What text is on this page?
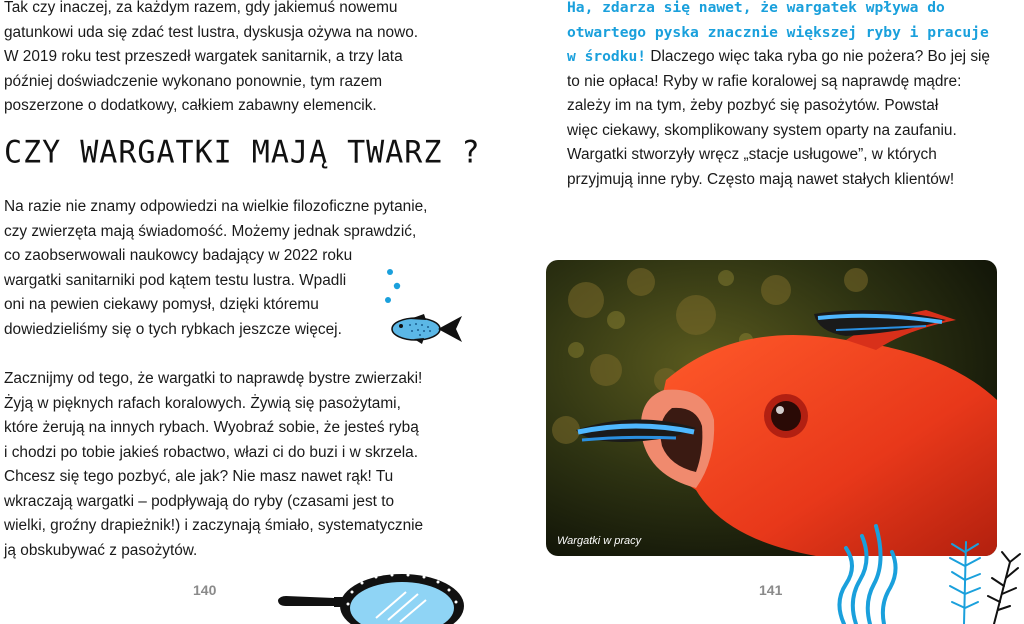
Tak czy inaczej, za każdym razem, gdy jakiemuś nowemu
gatunkowi uda się zdać test lustra, dyskusja ożywa na nowo.
W 2019 roku test przeszedł wargatek sanitarnik, a trzy lata
później doświadczenie wykonano ponownie, tym razem
poszerzone o dodatkowy, całkiem zabawny elemencik.

CZY WARGATKI MAJĄ TWARZ ?

Na razie nie znamy odpowiedzi na wielkie filozoficzne pytanie,
czy zwierzęta mają świadomość. Możemy jednak sprawdzić,
co zaobserwowali naukowcy badający w 2022 roku
wargatki sanitarniki pod kątem testu lustra. Wpadli
oni na pewien ciekawy pomysł, dzięki któremu
dowiedzieliśmy się o tych rybkach jeszcze więcej.

Zacznijmy od tego, że wargatki to naprawdę bystre zwierzaki!
Żyją w pięknych rafach koralowych. Żywią się pasożytami,
które żerują na innych rybach. Wyobraź sobie, że jesteś rybą
i chodzi po tobie jakieś robactwo, włazi ci do buzi i w skrzela.
Chcesz się tego pozbyć, ale jak? Nie masz nawet rąk! Tu
wkraczają wargatki – podpływają do ryby (czasami jest to
wielki, groźny drapieżnik!) i zaczynają śmiało, systematycznie
ją obskubywać z pasożytów.

140

Ha, zdarza się nawet, że wargatek wpływa do
otwartego pyska znacznie większej ryby i pracuje
w środku! Dlaczego więc taka ryba go nie pożera? Bo jej się
to nie opłaca! Ryby w rafie koralowej są naprawdę mądre:
zależy im na tym, żeby pozbyć się pasożytów. Powstał
więc ciekawy, skomplikowany system oparty na zaufaniu.
Wargatki stworzyły wręcz „stacje usługowe”, w których
przyjmują inne ryby. Często mają nawet stałych klientów!

141
Wargatki w pracy
